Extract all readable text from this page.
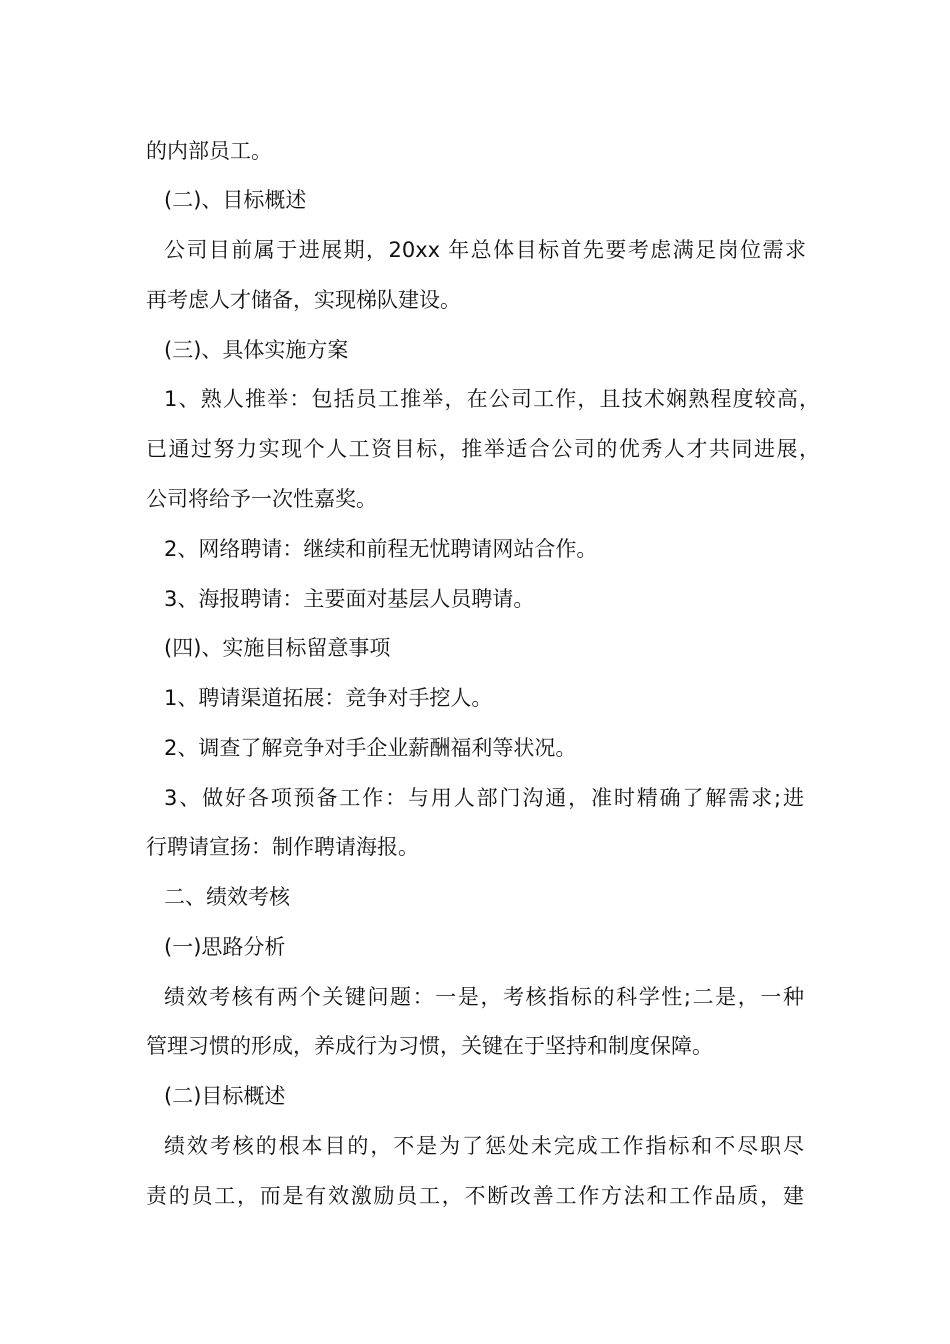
的内部员工。

(二)、目标概述

公司目前属于进展期，20xx 年总体目标首先要考虑满足岗位需求

再考虑人才储备，实现梯队建设。

(三)、具体实施方案

1、熟人推举：包括员工推举，在公司工作，且技术娴熟程度较高，

已通过努力实现个人工资目标，推举适合公司的优秀人才共同进展，

公司将给予一次性嘉奖。

2、网络聘请：继续和前程无忧聘请网站合作。

3、海报聘请：主要面对基层人员聘请。

(四)、实施目标留意事项

1、聘请渠道拓展：竞争对手挖人。

2、调查了解竞争对手企业薪酬福利等状况。

3、做好各项预备工作：与用人部门沟通，准时精确了解需求;进

行聘请宣扬：制作聘请海报。

二、绩效考核

(一)思路分析

绩效考核有两个关键问题：一是，考核指标的科学性;二是，一种

管理习惯的形成，养成行为习惯，关键在于坚持和制度保障。

(二)目标概述

绩效考核的根本目的，不是为了惩处未完成工作指标和不尽职尽

责的员工，而是有效激励员工，不断改善工作方法和工作品质，建
